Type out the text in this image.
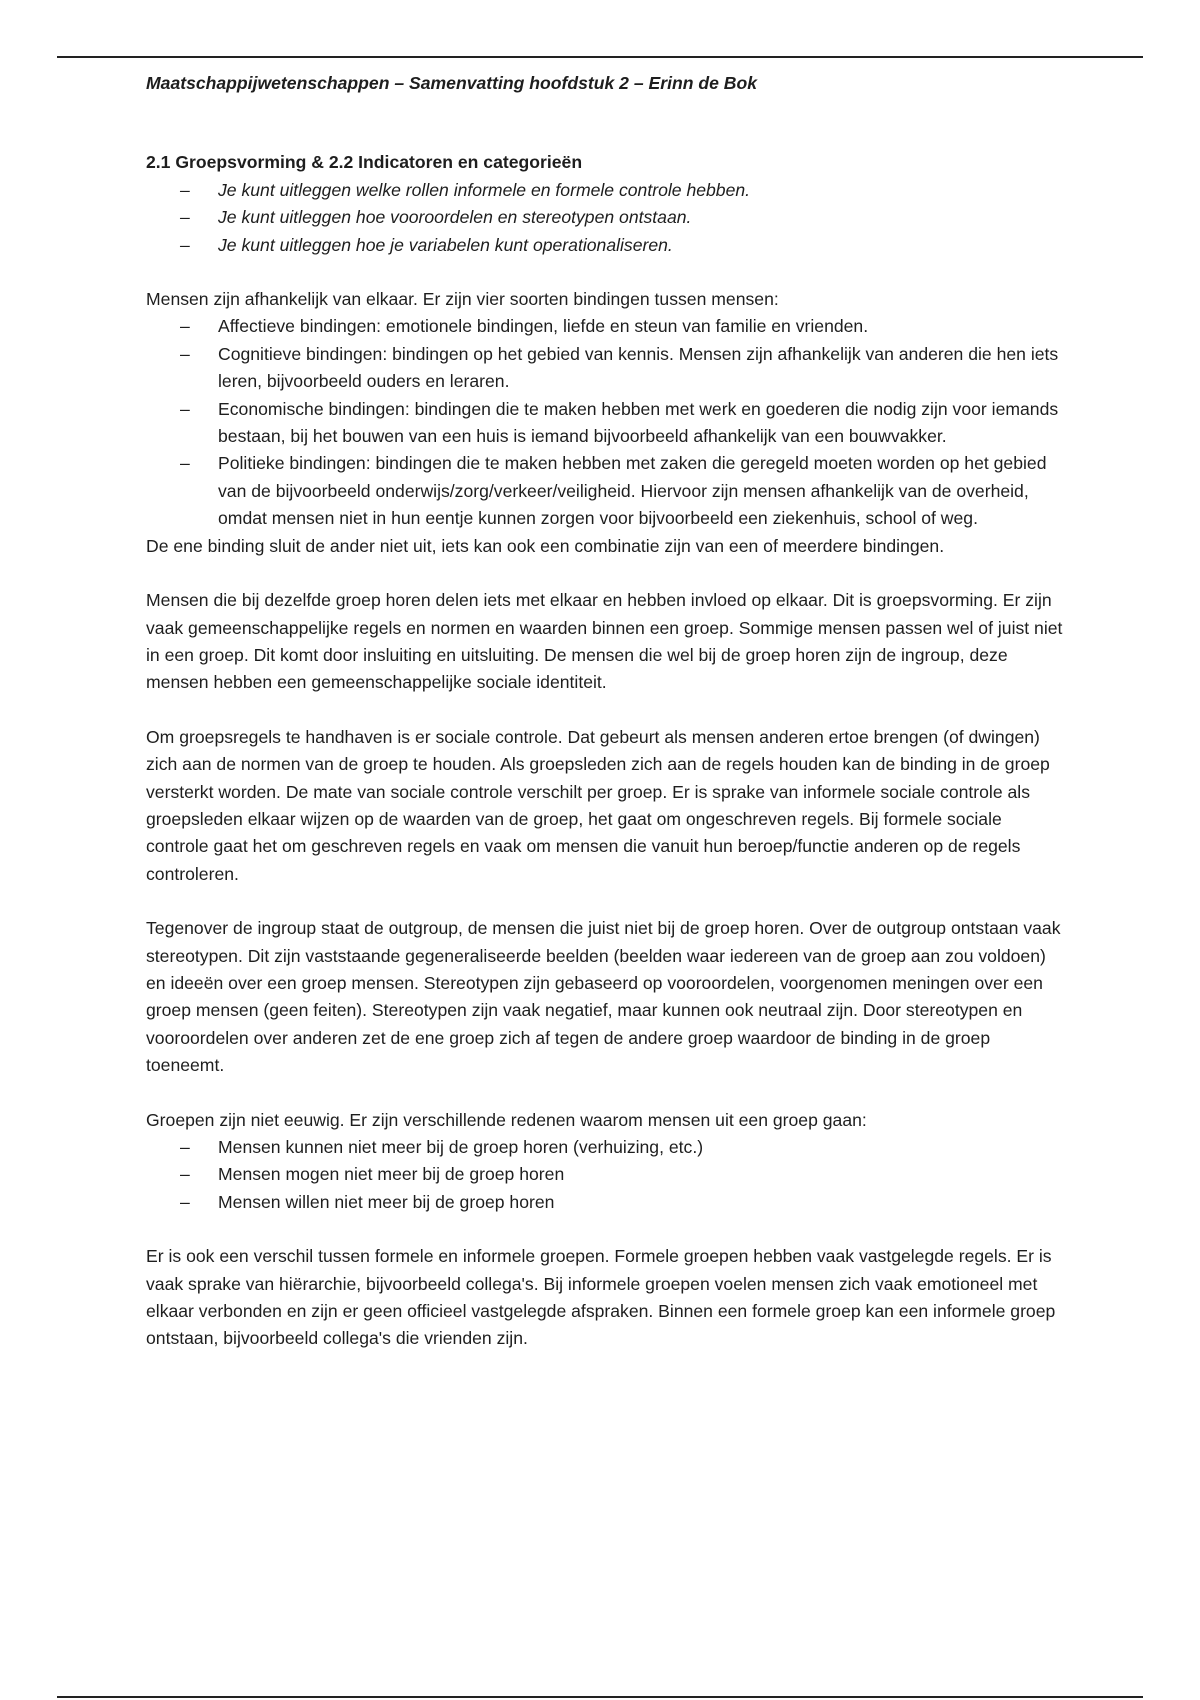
Maatschappijwetenschappen – Samenvatting hoofdstuk 2 – Erinn de Bok

2.1 Groepsvorming & 2.2 Indicatoren en categorieën

– Je kunt uitleggen welke rollen informele en formele controle hebben.
– Je kunt uitleggen hoe vooroordelen en stereotypen ontstaan.
– Je kunt uitleggen hoe je variabelen kunt operationaliseren.

Mensen zijn afhankelijk van elkaar. Er zijn vier soorten bindingen tussen mensen:

– Affectieve bindingen: emotionele bindingen, liefde en steun van familie en vrienden.
– Cognitieve bindingen: bindingen op het gebied van kennis. Mensen zijn afhankelijk van anderen die hen iets leren, bijvoorbeeld ouders en leraren.
– Economische bindingen: bindingen die te maken hebben met werk en goederen die nodig zijn voor iemands bestaan, bij het bouwen van een huis is iemand bijvoorbeeld afhankelijk van een bouwvakker.
– Politieke bindingen: bindingen die te maken hebben met zaken die geregeld moeten worden op het gebied van de bijvoorbeeld onderwijs/zorg/verkeer/veiligheid. Hiervoor zijn mensen afhankelijk van de overheid, omdat mensen niet in hun eentje kunnen zorgen voor bijvoorbeeld een ziekenhuis, school of weg.

De ene binding sluit de ander niet uit, iets kan ook een combinatie zijn van een of meerdere bindingen.

Mensen die bij dezelfde groep horen delen iets met elkaar en hebben invloed op elkaar. Dit is groepsvorming. Er zijn vaak gemeenschappelijke regels en normen en waarden binnen een groep. Sommige mensen passen wel of juist niet in een groep. Dit komt door insluiting en uitsluiting. De mensen die wel bij de groep horen zijn de ingroup, deze mensen hebben een gemeenschappelijke sociale identiteit.

Om groepsregels te handhaven is er sociale controle. Dat gebeurt als mensen anderen ertoe brengen (of dwingen) zich aan de normen van de groep te houden. Als groepsleden zich aan de regels houden kan de binding in de groep versterkt worden. De mate van sociale controle verschilt per groep. Er is sprake van informele sociale controle als groepsleden elkaar wijzen op de waarden van de groep, het gaat om ongeschreven regels. Bij formele sociale controle gaat het om geschreven regels en vaak om mensen die vanuit hun beroep/functie anderen op de regels controleren.

Tegenover de ingroup staat de outgroup, de mensen die juist niet bij de groep horen. Over de outgroup ontstaan vaak stereotypen. Dit zijn vaststaande gegeneraliseerde beelden (beelden waar iedereen van de groep aan zou voldoen) en ideeën over een groep mensen. Stereotypen zijn gebaseerd op vooroordelen, voorgenomen meningen over een groep mensen (geen feiten). Stereotypen zijn vaak negatief, maar kunnen ook neutraal zijn. Door stereotypen en vooroordelen over anderen zet de ene groep zich af tegen de andere groep waardoor de binding in de groep toeneemt.

Groepen zijn niet eeuwig. Er zijn verschillende redenen waarom mensen uit een groep gaan:

– Mensen kunnen niet meer bij de groep horen (verhuizing, etc.)
– Mensen mogen niet meer bij de groep horen
– Mensen willen niet meer bij de groep horen

Er is ook een verschil tussen formele en informele groepen. Formele groepen hebben vaak vastgelegde regels. Er is vaak sprake van hiërarchie, bijvoorbeeld collega's. Bij informele groepen voelen mensen zich vaak emotioneel met elkaar verbonden en zijn er geen officieel vastgelegde afspraken. Binnen een formele groep kan een informele groep ontstaan, bijvoorbeeld collega's die vrienden zijn.
